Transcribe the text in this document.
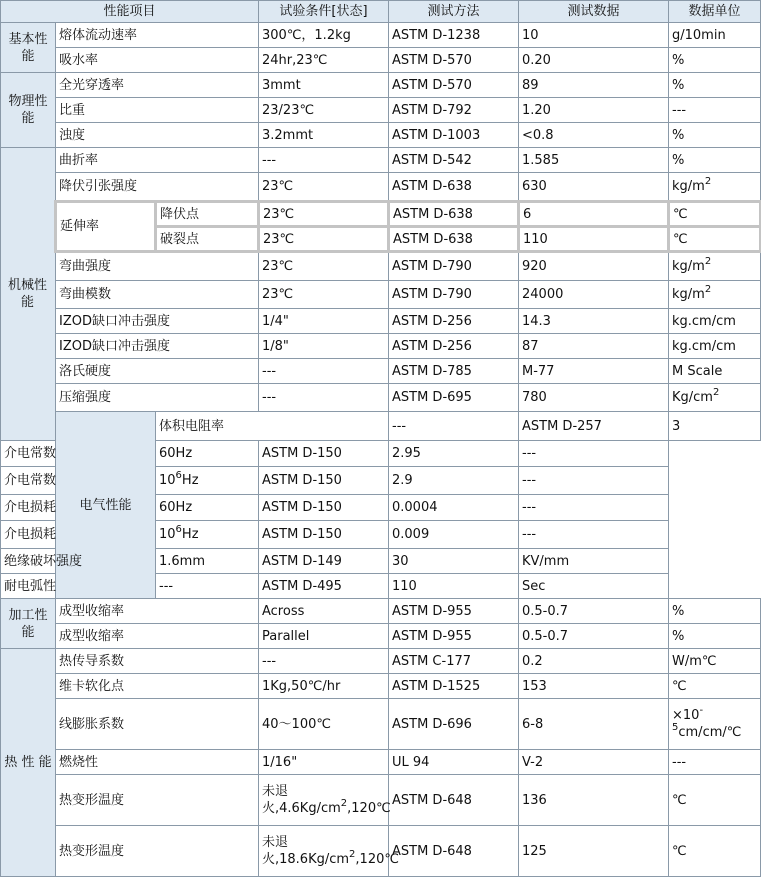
性能项目			试验条件[状态]	测试方法	测试数据	数据单位	
基本性能	熔体流动速率		300℃，1.2kg	ASTM D-1238	10	g/10min	
	吸水率		24hr,23℃	ASTM D-570	0.20	%	
物理性能	全光穿透率		3mmt	ASTM D-570	89	%	
	比重		23/23℃	ASTM D-792	1.20	---	
	浊度		3.2mmt	ASTM D-1003	<0.8	%	
机械性能	曲折率		---	ASTM D-542	1.585	%	
	降伏引张强度		23℃	ASTM D-638	630	$kg/m^2$
	延伸率	降伏点	23℃	ASTM D-638	6	℃	
		破裂点	23℃	ASTM D-638	110	℃	
	弯曲强度		23℃	ASTM D-790	920	$kg/m^2$
	弯曲模数		23℃	ASTM D-790	24000	$kg/m^2$
	IZOD缺口冲击强度		1/4"	ASTM D-256	14.3	kg.cm/cm	
	IZOD缺口冲击强度		1/8"	ASTM D-256	87	kg.cm/cm	
	洛氏硬度		---	ASTM D-785	M-77	M Scale	
	压缩强度		---	ASTM D-695	780	$Kg/cm^2$
	电气性能	体积电阻率		---	ASTM D-257	3	
介电常数		60Hz	ASTM D-150	2.95	---		
介电常数		$10^6Hz$	ASTM D-150	2.9	---		
介电损耗		60Hz	ASTM D-150	0.0004	---		
介电损耗		$10^6Hz$	ASTM D-150	0.009	---		
绝缘破坏强度		1.6mm	ASTM D-149	30	KV/mm		
耐电弧性		---	ASTM D-495	110	Sec		
加工性能	成型收缩率		Across	ASTM D-955	0.5-0.7	%	
	成型收缩率		Parallel	ASTM D-955	0.5-0.7	%	
热 性 能	热传导系数		---	ASTM C-177	0.2	W/m℃	
	维卡软化点		1Kg,50℃/hr	ASTM D-1525	153	℃	
	线膨胀系数		40～100℃	ASTM D-696	6-8	$\times 10^{-5}cm/cm/℃$	
	燃烧性		1/16"	UL 94	V-2	---	
	热变形温度		未退火$,4.6Kg/cm^2,120℃$	ASTM D-648	136	℃	
	热变形温度		未退火$,18.6Kg/cm^2,120℃$	ASTM D-648	125	℃	
